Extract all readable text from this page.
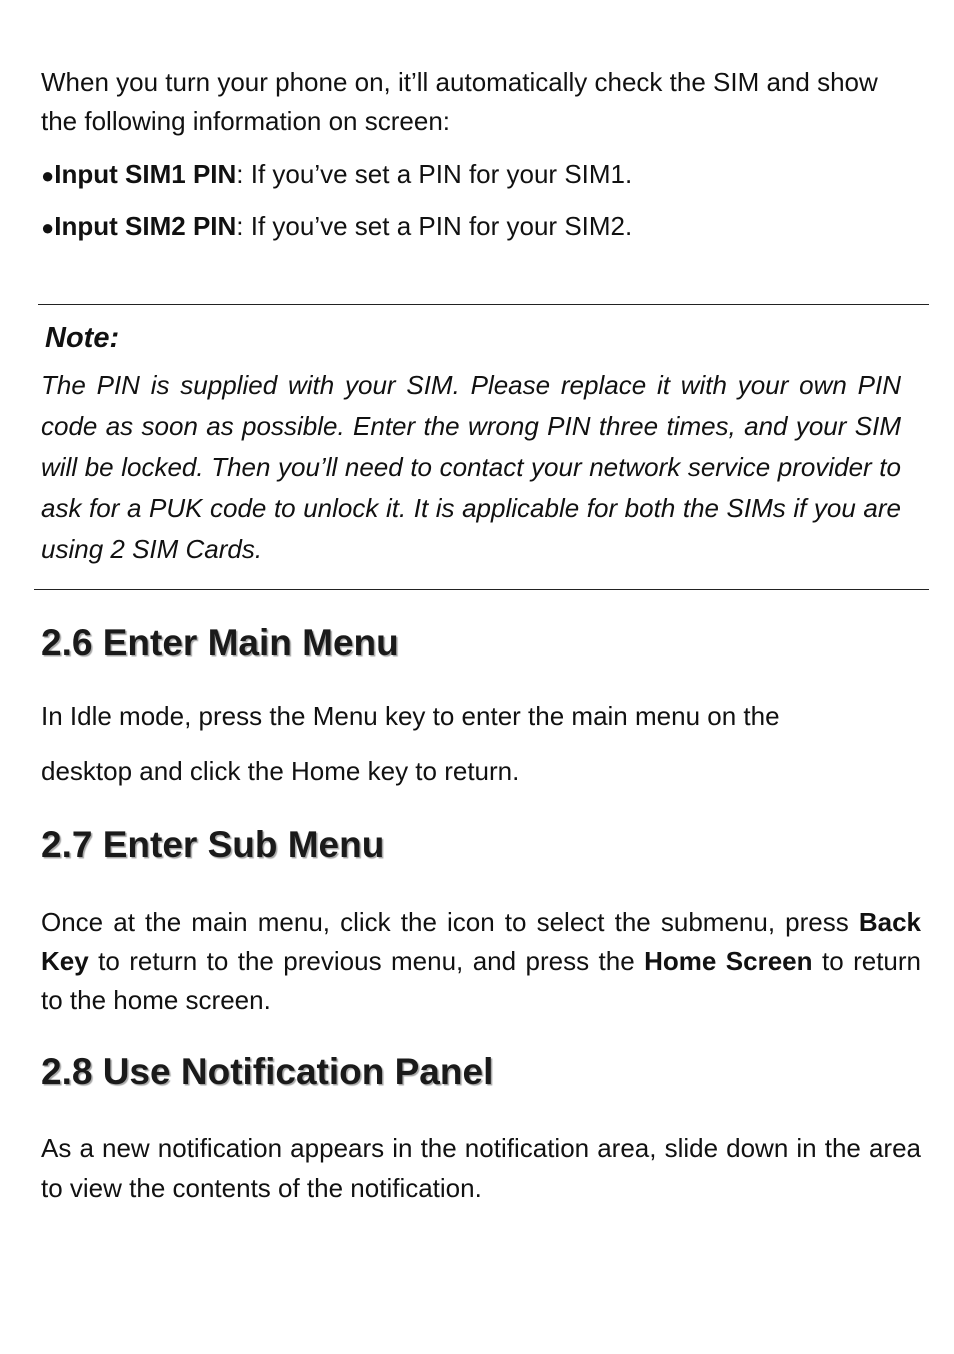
When you turn your phone on, it’ll automatically check the SIM and show the following information on screen:

●Input SIM1 PIN: If you’ve set a PIN for your SIM1.

●Input SIM2 PIN: If you’ve set a PIN for your SIM2.

Note:

The PIN is supplied with your SIM. Please replace it with your own PIN code as soon as possible. Enter the wrong PIN three times, and your SIM will be locked. Then you’ll need to contact your network service provider to ask for a PUK code to unlock it. It is applicable for both the SIMs if you are using 2 SIM Cards.

2.6 Enter Main Menu

In Idle mode, press the Menu key to enter the main menu on the

desktop and click the Home key to return.

2.7 Enter Sub Menu

Once at the main menu, click the icon to select the submenu, press Back Key to return to the previous menu, and press the Home Screen to return to the home screen.

2.8 Use Notification Panel

As a new notification appears in the notification area, slide down in the area to view the contents of the notification.
